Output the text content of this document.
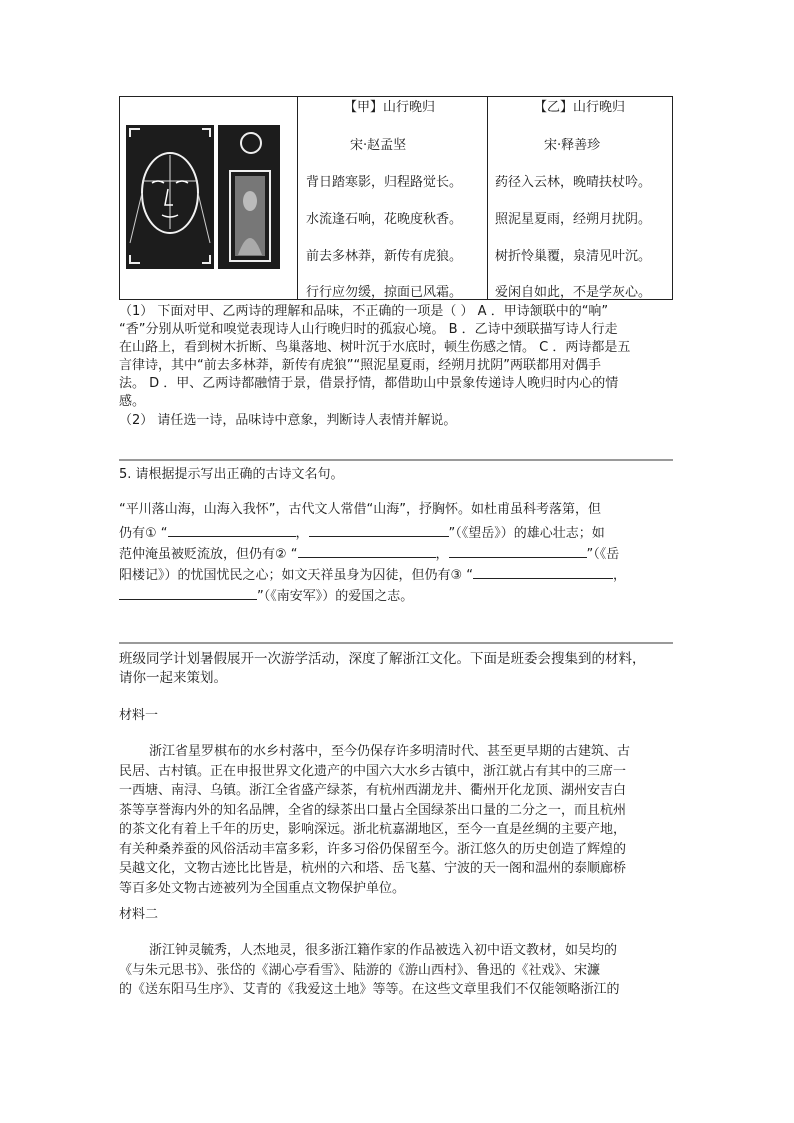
【甲】山行晚归
宋·赵孟坚
背日踏寒影，归程路觉长。
水流逢石响，花晚度秋香。
前去多林莽，新传有虎狼。
行行应勿缓，掠面已风霜。
【乙】山行晚归
宋·释善珍
药径入云林，晚晴扶杖吟。
照泥星夏雨，经朔月扰阴。
树折怜巢覆，泉清见叶沉。
爱闲自如此，不是学灰心。
（1） 下面对甲、乙两诗的理解和品味，不正确的一项是（ ） A ．甲诗颔联中的“响”
“香”分别从听觉和嗅觉表现诗人山行晚归时的孤寂心境。 B ．乙诗中颈联描写诗人行走
在山路上，看到树木折断、鸟巢落地、树叶沉于水底时，顿生伤感之情。 C ．两诗都是五
言律诗，其中“前去多林莽，新传有虎狼”“照泥星夏雨，经朔月扰阴”两联都用对偶手
法。 D ．甲、乙两诗都融情于景，借景抒情，都借助山中景象传递诗人晚归时内心的情
感。
（2） 请任选一诗，品味诗中意象，判断诗人表情并解说。
5. 请根据提示写出正确的古诗文名句。
“平川落山海，山海入我怀”，古代文人常借“山海”，抒胸怀。如杜甫虽科考落第，但
仍有① “	，	”（《望岳》）的雄心壮志；如
范仲淹虽被贬流放，但仍有② “	，	”（《岳
阳楼记》）的忧国忧民之心；如文天祥虽身为囚徒，但仍有③ “	，
”（《南安军》）的爱国之志。
班级同学计划暑假展开一次游学活动，深度了解浙江文化。下面是班委会搜集到的材料，
请你一起来策划。
材料一
浙江省星罗棋布的水乡村落中，至今仍保存许多明清时代、甚至更早期的古建筑、古
民居、古村镇。正在申报世界文化遗产的中国六大水乡古镇中，浙江就占有其中的三席一
一西塘、南浔、乌镇。浙江全省盛产绿茶，有杭州西湖龙井、衢州开化龙顶、湖州安吉白
茶等享誉海内外的知名品牌，全省的绿茶出口量占全国绿茶出口量的二分之一，而且杭州
的茶文化有着上千年的历史，影响深远。浙北杭嘉湖地区，至今一直是丝绸的主要产地，
有关种桑养蚕的风俗活动丰富多彩，许多习俗仍保留至今。浙江悠久的历史创造了辉煌的
吴越文化，文物古迹比比皆是，杭州的六和塔、岳飞墓、宁波的天一阁和温州的泰顺廊桥
等百多处文物古迹被列为全国重点文物保护单位。
材料二
浙江钟灵毓秀，人杰地灵，很多浙江籍作家的作品被选入初中语文教材，如吴均的
《与朱元思书》、张岱的《湖心亭看雪》、陆游的《游山西村》、鲁迅的《社戏》、宋濂
的《送东阳马生序》、艾青的《我爱这土地》等等。在这些文章里我们不仅能领略浙江的
